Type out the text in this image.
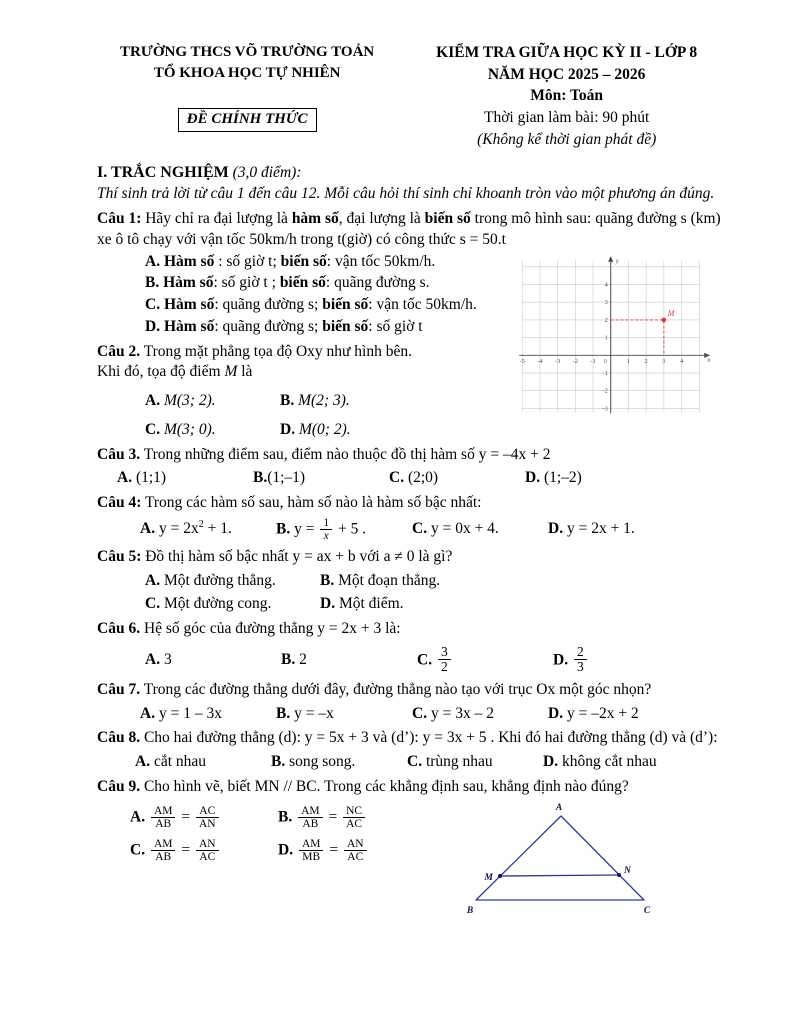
TRƯỜNG THCS VÕ TRƯỜNG TOẢN
TỔ KHOA HỌC TỰ NHIÊN
ĐỀ CHÍNH THỨC
KIỂM TRA GIỮA HỌC KỲ II - LỚP 8
NĂM HỌC 2025 – 2026
Môn: Toán
Thời gian làm bài: 90 phút
(Không kể thời gian phát đề)
I. TRẮC NGHIỆM (3,0 điểm):
Thí sinh trả lời từ câu 1 đến câu 12. Mỗi câu hỏi thí sinh chỉ khoanh tròn vào một phương án đúng.
Câu 1: Hãy chỉ ra đại lượng là hàm số, đại lượng là biến số trong mô hình sau: quãng đường s (km) xe ô tô chạy với vận tốc 50km/h trong t(giờ) có công thức s = 50.t
M
y
x
0
-5 -4 -3 -2 -1	1 2 3 4
4
3
2
1
-1
-2
-3
A. Hàm số : số giờ t; biến số: vận tốc 50km/h.
B. Hàm số: số giờ t ; biến số: quãng đường s.
C. Hàm số: quãng đường s; biến số: vận tốc 50km/h.
D. Hàm số: quãng đường s; biến số: số giờ t
Câu 2. Trong mặt phẳng tọa độ Oxy như hình bên.
Khi đó, tọa độ điểm M là
A. M(3; 2).	B. M(2; 3).
C. M(3; 0).	D. M(0; 2).
Câu 3. Trong những điểm sau, điểm nào thuộc đồ thị hàm số y = –4x + 2
A. (1;1)	B.(1;–1)	C. (2;0)	D. (1;–2)
Câu 4: Trong các hàm số sau, hàm số nào là hàm số bậc nhất:
A. $y = 2x^2 + 1$.	B. $y = \frac{1}{x} + 5$ .	C. y = 0x + 4.	D. y = 2x + 1.
Câu 5: Đồ thị hàm số bậc nhất y = ax + b với a ≠ 0 là gì?
A. Một đường thẳng.	B. Một đoạn thẳng.
C. Một đường cong.	D. Một điểm.
Câu 6. Hệ số góc của đường thẳng y = 2x + 3 là:
A. 3	B. 2	C. $\frac{3}{2}$	D. $\frac{2}{3}$
Câu 7. Trong các đường thẳng dưới đây, đường thẳng nào tạo với trục Ox một góc nhọn?
A. y = 1 – 3x	B. y = –x	C. y = 3x – 2	D. y = –2x + 2
Câu 8. Cho hai đường thẳng (d): y = 5x + 3 và (d’): y = 3x + 5 . Khi đó hai đường thẳng (d) và (d’):
A. cắt nhau	B. song song.	C. trùng nhau	D. không cắt nhau
Câu 9. Cho hình vẽ, biết MN // BC. Trong các khẳng định sau, khẳng định nào đúng?
A
B	C
M
N
A. $\frac{AM}{AB} = \frac{AC}{AN}$	B. $\frac{AM}{AB} = \frac{NC}{AC}$
C. $\frac{AM}{AB} = \frac{AN}{AC}$	D. $\frac{AM}{MB} = \frac{AN}{AC}$
